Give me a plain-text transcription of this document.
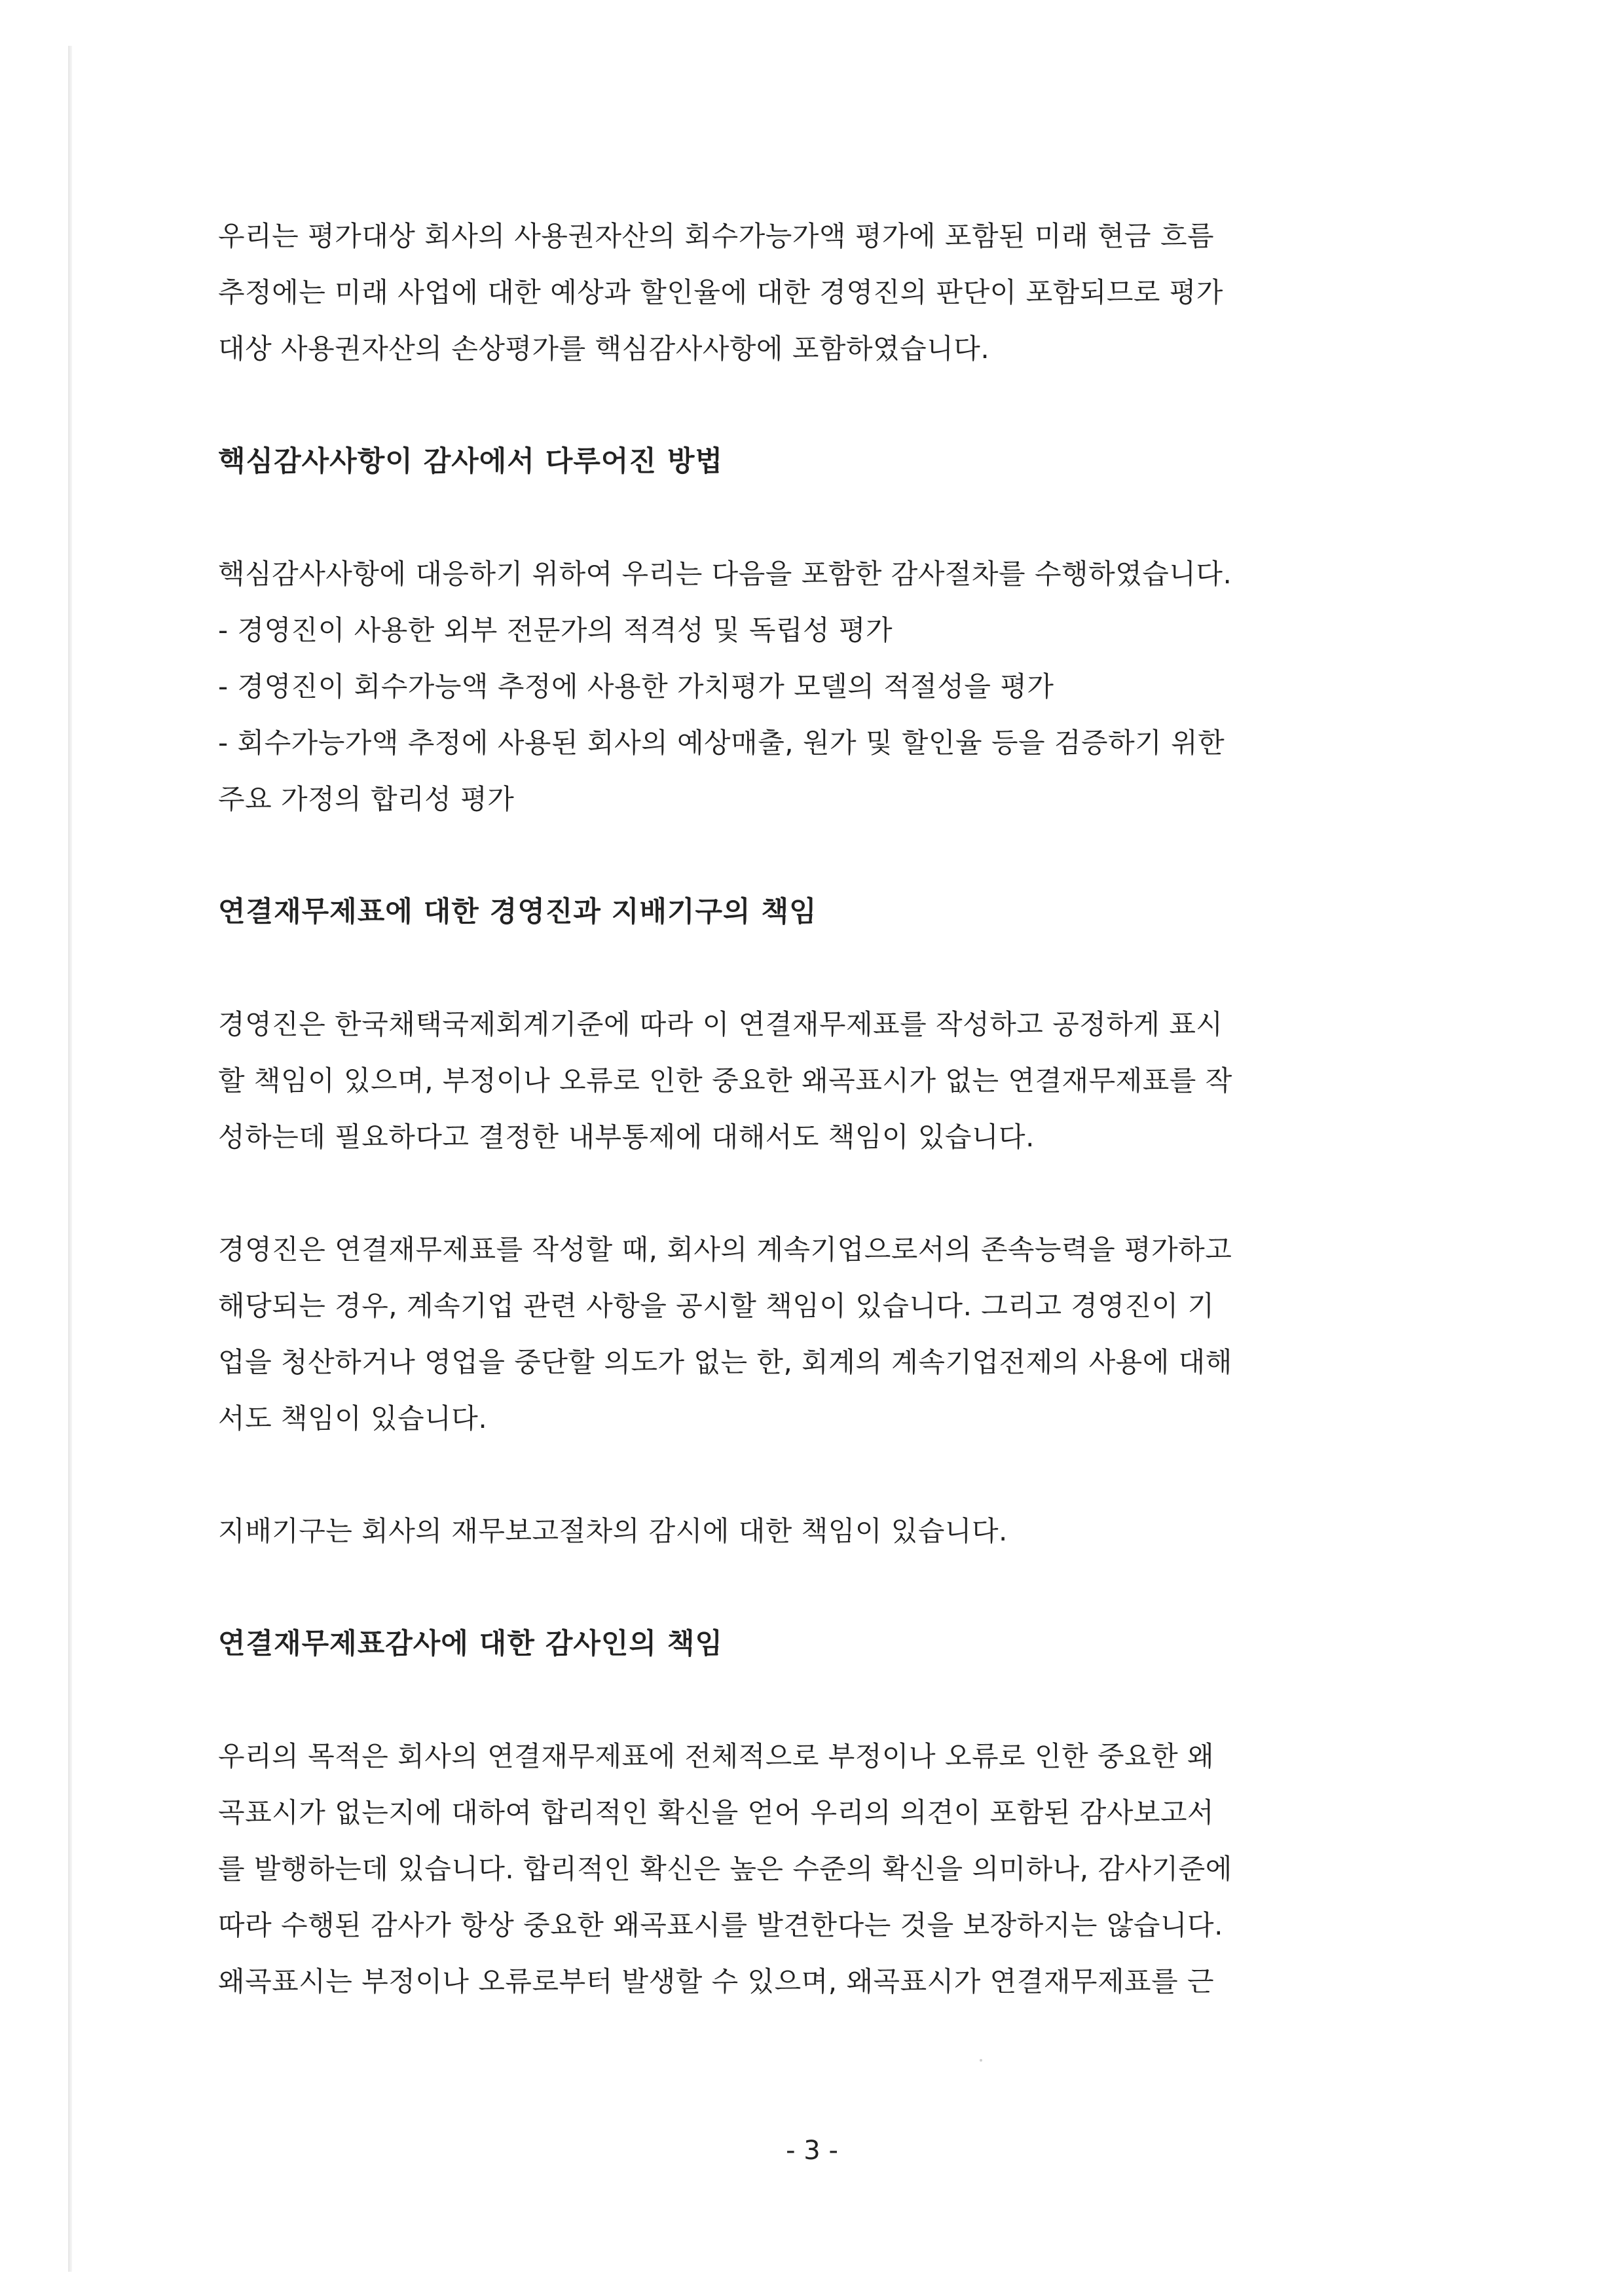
우리는 평가대상 회사의 사용권자산의 회수가능가액 평가에 포함된 미래 현금 흐름
추정에는 미래 사업에 대한 예상과 할인율에 대한 경영진의 판단이 포함되므로 평가
대상 사용권자산의 손상평가를 핵심감사사항에 포함하였습니다.
핵심감사사항이 감사에서 다루어진 방법
핵심감사사항에 대응하기 위하여 우리는 다음을 포함한 감사절차를 수행하였습니다.
- 경영진이 사용한 외부 전문가의 적격성 및 독립성 평가
- 경영진이 회수가능액 추정에 사용한 가치평가 모델의 적절성을 평가
- 회수가능가액 추정에 사용된 회사의 예상매출, 원가 및 할인율 등을 검증하기 위한
주요 가정의 합리성 평가
연결재무제표에 대한 경영진과 지배기구의 책임
경영진은 한국채택국제회계기준에 따라 이 연결재무제표를 작성하고 공정하게 표시
할 책임이 있으며, 부정이나 오류로 인한 중요한 왜곡표시가 없는 연결재무제표를 작
성하는데 필요하다고 결정한 내부통제에 대해서도 책임이 있습니다.
경영진은 연결재무제표를 작성할 때, 회사의 계속기업으로서의 존속능력을 평가하고
해당되는 경우, 계속기업 관련 사항을 공시할 책임이 있습니다. 그리고 경영진이 기
업을 청산하거나 영업을 중단할 의도가 없는 한, 회계의 계속기업전제의 사용에 대해
서도 책임이 있습니다.
지배기구는 회사의 재무보고절차의 감시에 대한 책임이 있습니다.
연결재무제표감사에 대한 감사인의 책임
우리의 목적은 회사의 연결재무제표에 전체적으로 부정이나 오류로 인한 중요한 왜
곡표시가 없는지에 대하여 합리적인 확신을 얻어 우리의 의견이 포함된 감사보고서
를 발행하는데 있습니다. 합리적인 확신은 높은 수준의 확신을 의미하나, 감사기준에
따라 수행된 감사가 항상 중요한 왜곡표시를 발견한다는 것을 보장하지는 않습니다.
왜곡표시는 부정이나 오류로부터 발생할 수 있으며, 왜곡표시가 연결재무제표를 근
- 3 -
